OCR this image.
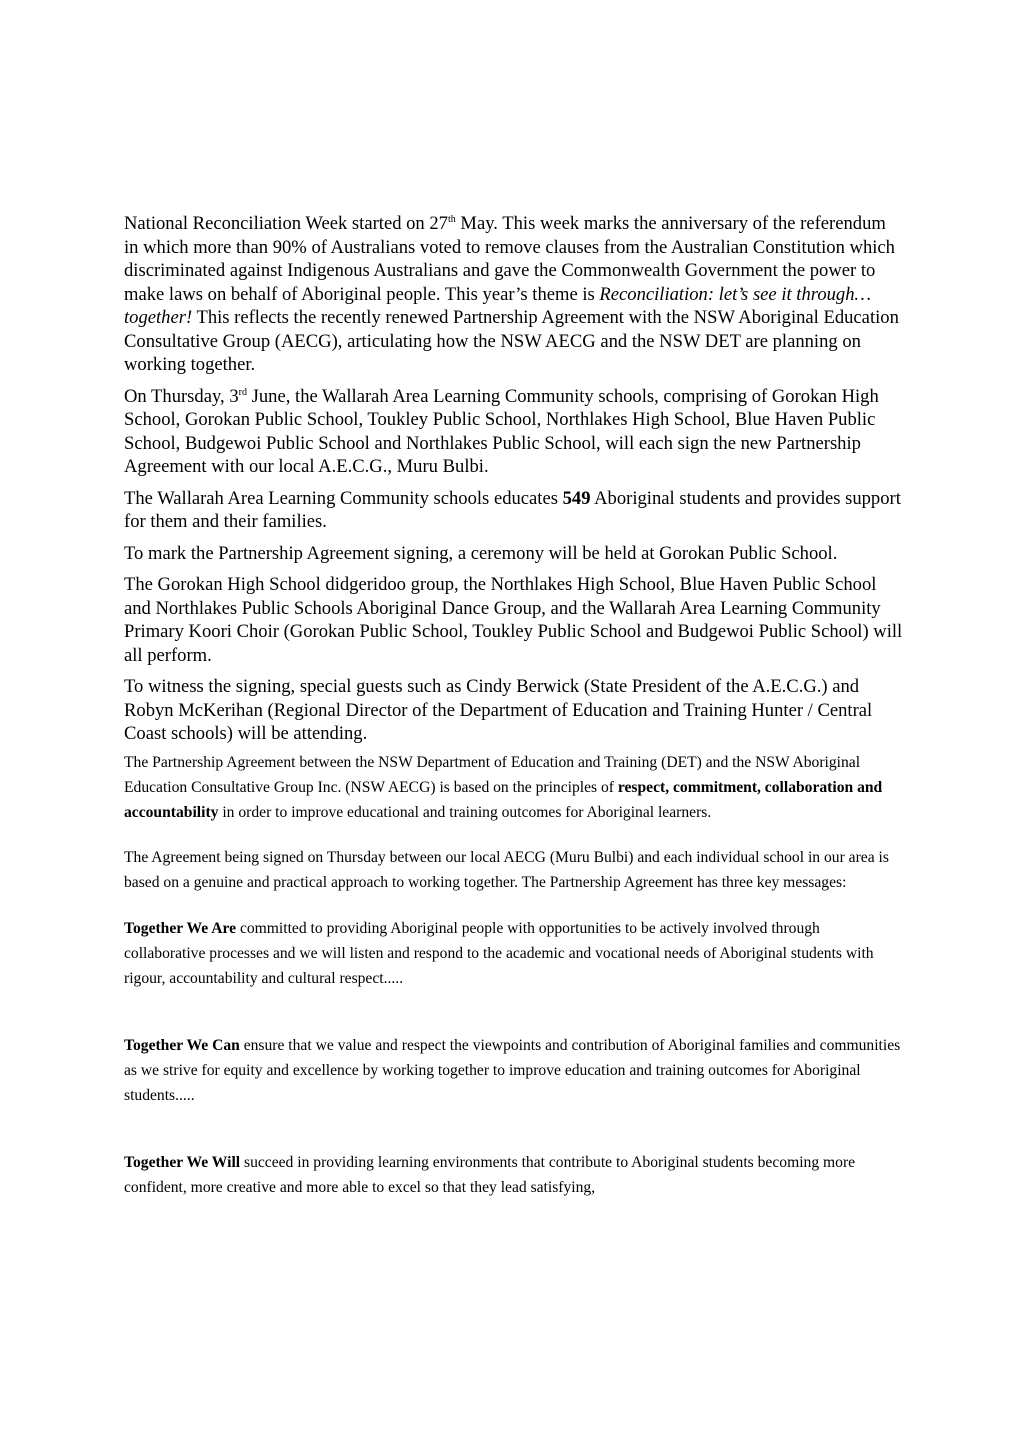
National Reconciliation Week started on 27th May. This week marks the anniversary of the referendum in which more than 90% of Australians voted to remove clauses from the Australian Constitution which discriminated against Indigenous Australians and gave the Commonwealth Government the power to make laws on behalf of Aboriginal people. This year’s theme is Reconciliation: let’s see it through…together! This reflects the recently renewed Partnership Agreement with the NSW Aboriginal Education Consultative Group (AECG), articulating how the NSW AECG and the NSW DET are planning on working together.

On Thursday, 3rd June, the Wallarah Area Learning Community schools, comprising of Gorokan High School, Gorokan Public School, Toukley Public School, Northlakes High School, Blue Haven Public School, Budgewoi Public School and Northlakes Public School, will each sign the new Partnership Agreement with our local A.E.C.G., Muru Bulbi.

The Wallarah Area Learning Community schools educates 549 Aboriginal students and provides support for them and their families.

To mark the Partnership Agreement signing, a ceremony will be held at Gorokan Public School.

The Gorokan High School didgeridoo group, the Northlakes High School, Blue Haven Public School and Northlakes Public Schools Aboriginal Dance Group, and the Wallarah Area Learning Community Primary Koori Choir (Gorokan Public School, Toukley Public School and Budgewoi Public School) will all perform.

To witness the signing, special guests such as Cindy Berwick (State President of the A.E.C.G.) and Robyn McKerihan (Regional Director of the Department of Education and Training Hunter / Central Coast schools) will be attending.

The Partnership Agreement between the NSW Department of Education and Training (DET) and the NSW Aboriginal Education Consultative Group Inc. (NSW AECG) is based on the principles of respect, commitment, collaboration and accountability in order to improve educational and training outcomes for Aboriginal learners.

The Agreement being signed on Thursday between our local AECG (Muru Bulbi) and each individual school in our area is based on a genuine and practical approach to working together. The Partnership Agreement has three key messages:

Together We Are committed to providing Aboriginal people with opportunities to be actively involved through collaborative processes and we will listen and respond to the academic and vocational needs of Aboriginal students with rigour, accountability and cultural respect.....

Together We Can ensure that we value and respect the viewpoints and contribution of Aboriginal families and communities as we strive for equity and excellence by working together to improve education and training outcomes for Aboriginal students.....

Together We Will succeed in providing learning environments that contribute to Aboriginal students becoming more confident, more creative and more able to excel so that they lead satisfying,
